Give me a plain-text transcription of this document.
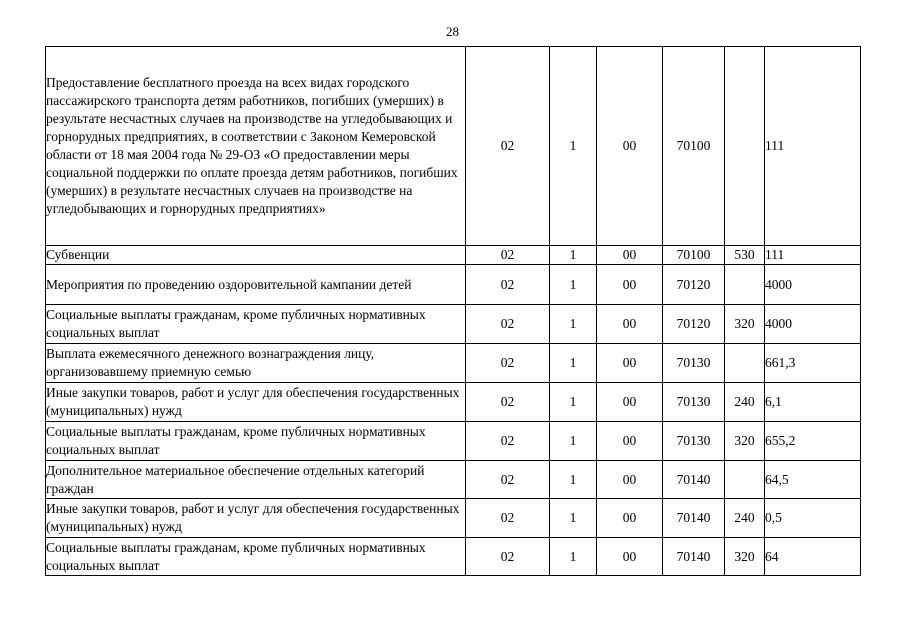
28
Предоставление бесплатного проезда на всех видах городского пассажирского транспорта детям работников, погибших (умерших) в результате несчастных случаев на производстве на угледобывающих и горнорудных предприятиях, в соответствии с Законом Кемеровской области от 18 мая 2004 года № 29-ОЗ «О предоставлении меры социальной поддержки по оплате проезда детям работников, погибших (умерших) в результате несчастных случаев на производстве на угледобывающих и горнорудных предприятиях»	02	1	00	70100		111
Субвенции	02	1	00	70100	530	111
Мероприятия по проведению оздоровительной кампании детей	02	1	00	70120		4000
Социальные выплаты гражданам, кроме публичных нормативных социальных выплат	02	1	00	70120	320	4000
Выплата ежемесячного денежного вознаграждения лицу, организовавшему приемную семью	02	1	00	70130		661,3
Иные закупки товаров, работ и услуг для обеспечения государственных (муниципальных) нужд	02	1	00	70130	240	6,1
Социальные выплаты гражданам, кроме публичных нормативных социальных выплат	02	1	00	70130	320	655,2
Дополнительное материальное обеспечение отдельных категорий граждан	02	1	00	70140		64,5
Иные закупки товаров, работ и услуг для обеспечения государственных (муниципальных) нужд	02	1	00	70140	240	0,5
Социальные выплаты гражданам, кроме публичных нормативных социальных выплат	02	1	00	70140	320	64
